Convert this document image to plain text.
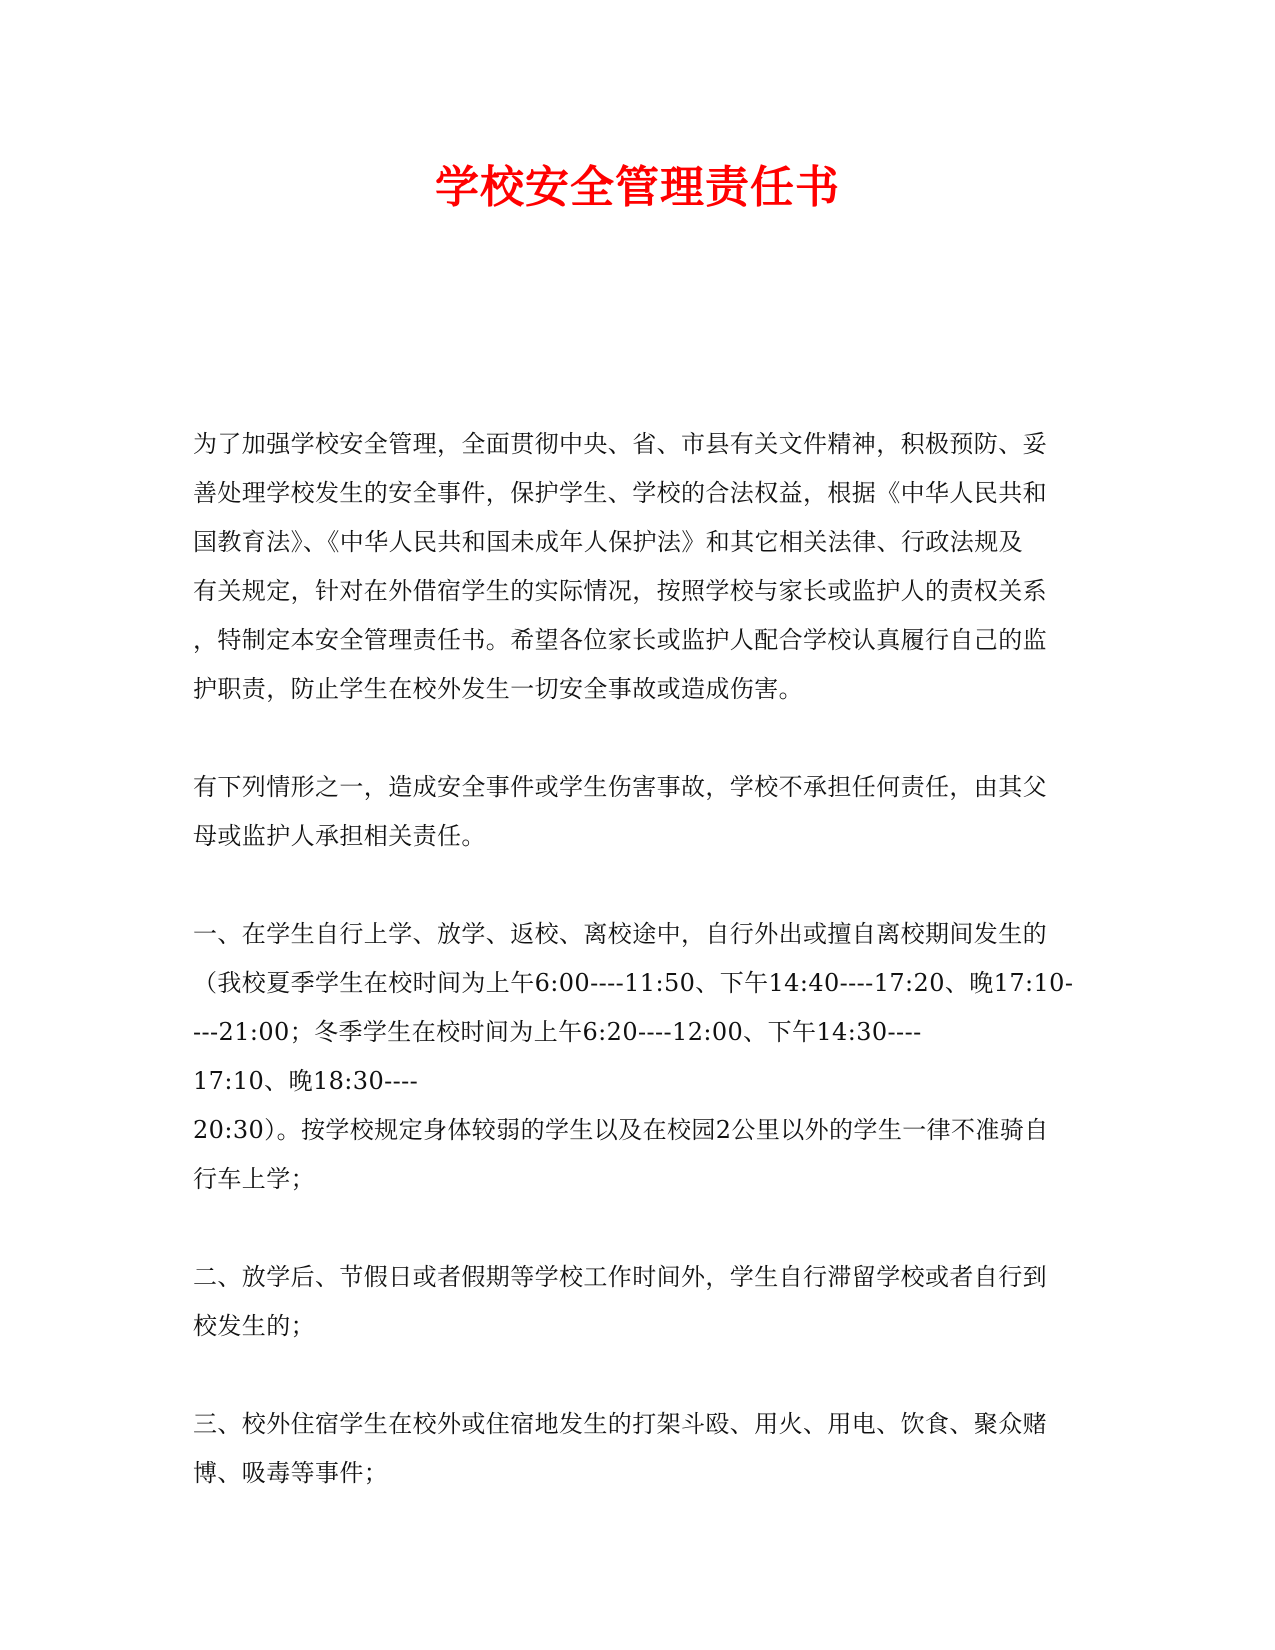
学校安全管理责任书
为了加强学校安全管理，全面贯彻中央、省、市县有关文件精神，积极预防、妥
善处理学校发生的安全事件，保护学生、学校的合法权益，根据《中华人民共和
国教育法》、《中华人民共和国未成年人保护法》和其它相关法律、行政法规及
有关规定，针对在外借宿学生的实际情况，按照学校与家长或监护人的责权关系
，特制定本安全管理责任书。希望各位家长或监护人配合学校认真履行自己的监
护职责，防止学生在校外发生一切安全事故或造成伤害。
有下列情形之一，造成安全事件或学生伤害事故，学校不承担任何责任，由其父
母或监护人承担相关责任。
一、在学生自行上学、放学、返校、离校途中，自行外出或擅自离校期间发生的
（我校夏季学生在校时间为上午6:00----11:50、下午14:40----17:20、晚17:10-
---21:00；冬季学生在校时间为上午6:20----12:00、下午14:30----
17:10、晚18:30----
20:30）。按学校规定身体较弱的学生以及在校园2公里以外的学生一律不准骑自
行车上学；
二、放学后、节假日或者假期等学校工作时间外，学生自行滞留学校或者自行到
校发生的；
三、校外住宿学生在校外或住宿地发生的打架斗殴、用火、用电、饮食、聚众赌
博、吸毒等事件；
